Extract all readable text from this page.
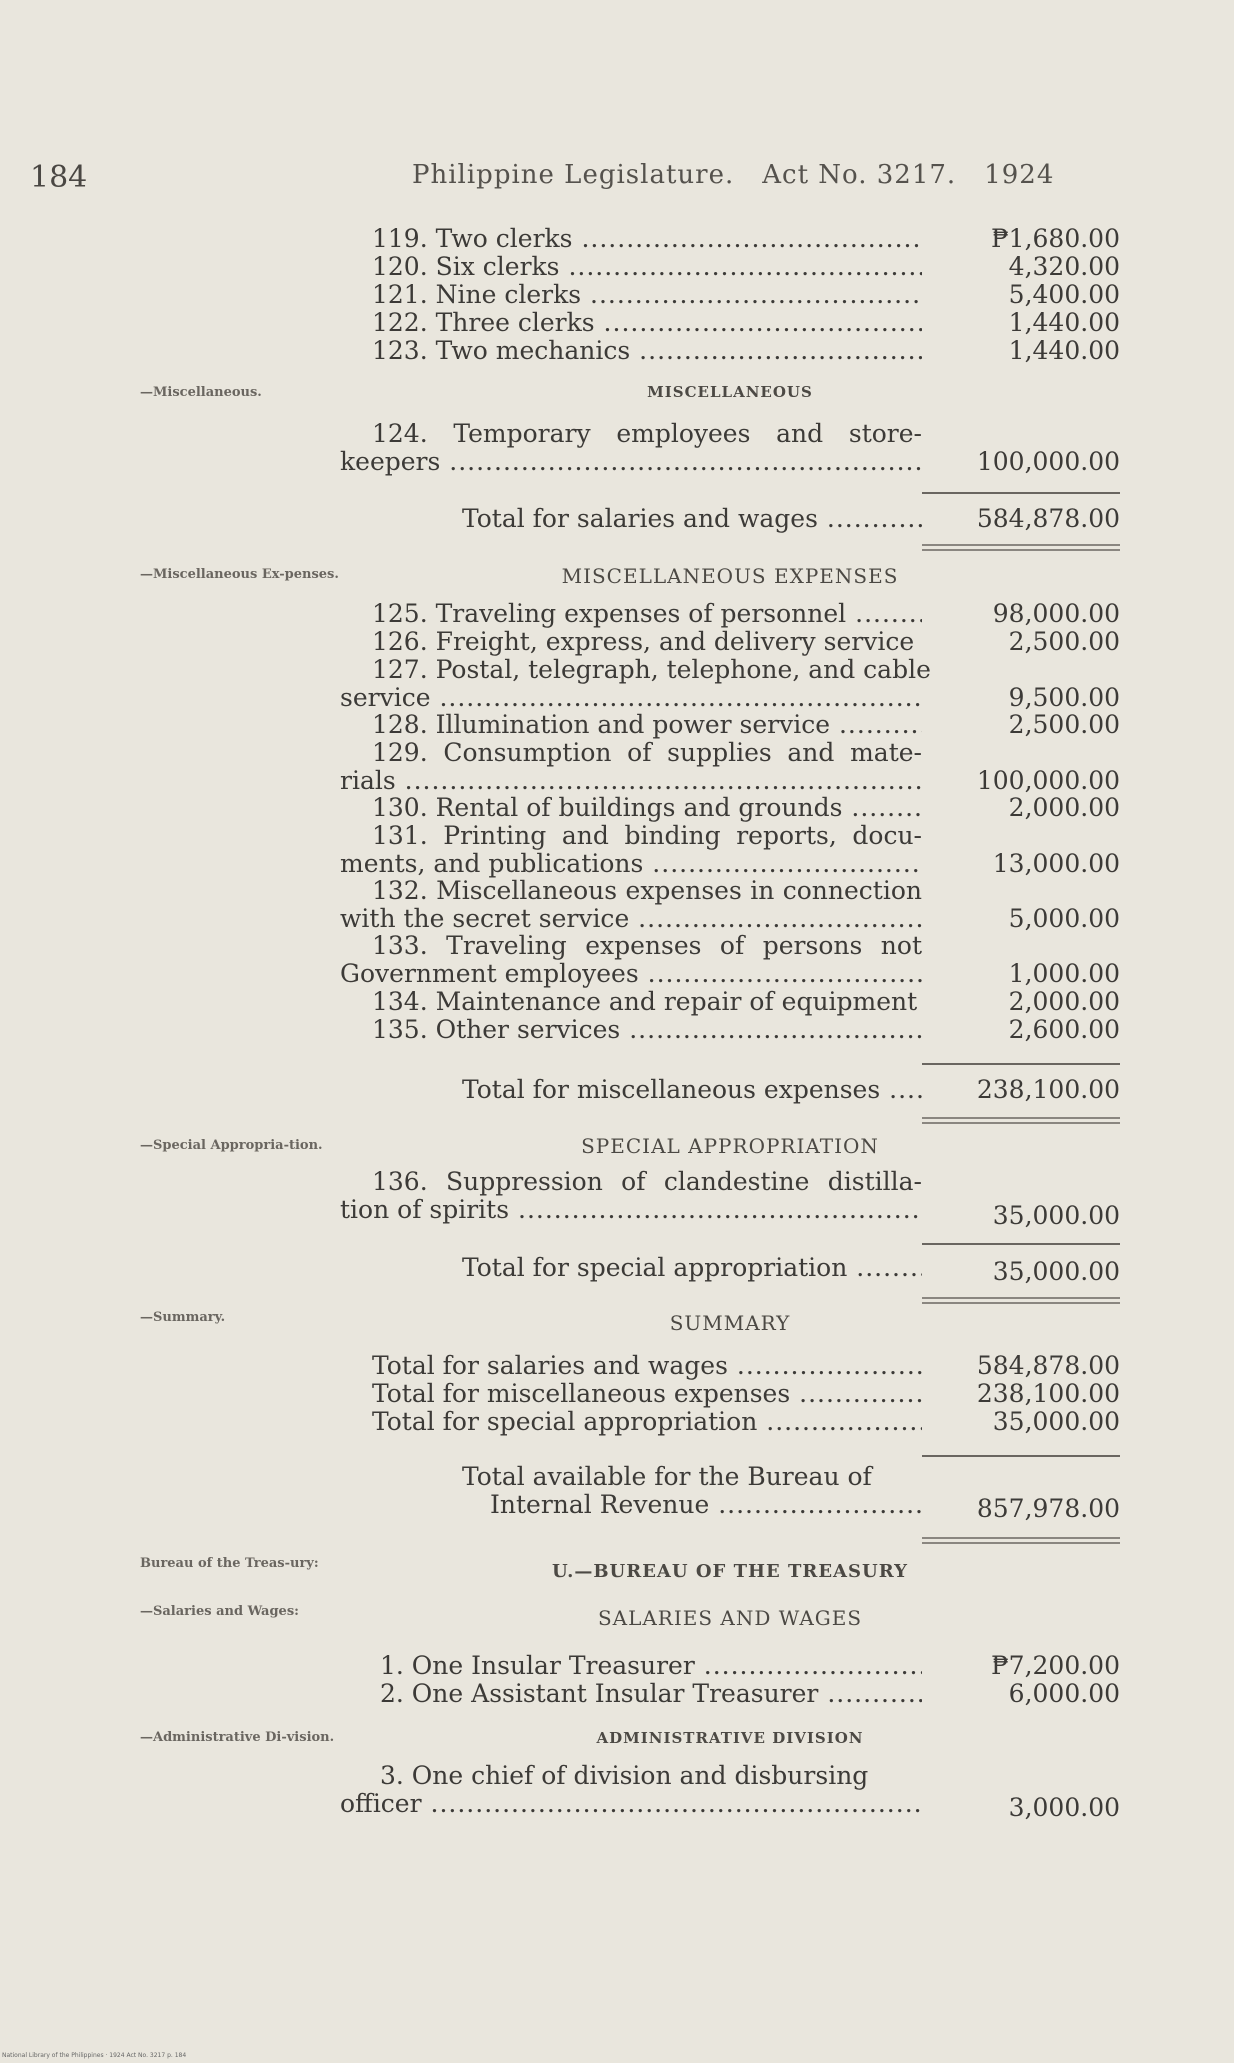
184	Philippine Legislature. Act No. 3217. 1924
119. Two clerks .....	₱1,680.00
120. Six clerks .....	4,320.00
121. Nine clerks .....	5,400.00
122. Three clerks .....	1,440.00
123. Two mechanics .....	1,440.00
—Miscellaneous.	MISCELLANEOUS
124. Temporary employees and store-
keepers .....	100,000.00
Total for salaries and wages .....	584,878.00
—Miscellaneous Ex-penses.	MISCELLANEOUS EXPENSES
125. Traveling expenses of personnel .....	98,000.00
126. Freight, express, and delivery service	2,500.00
127. Postal, telegraph, telephone, and cable
service .....	9,500.00
128. Illumination and power service .....	2,500.00
129. Consumption of supplies and mate-
rials .....	100,000.00
130. Rental of buildings and grounds .....	2,000.00
131. Printing and binding reports, docu-
ments, and publications .....	13,000.00
132. Miscellaneous expenses in connection
with the secret service .....	5,000.00
133. Traveling expenses of persons not
Government employees .....	1,000.00
134. Maintenance and repair of equipment	2,000.00
135. Other services .....	2,600.00
Total for miscellaneous expenses .....	238,100.00
—Special Appropria-tion.	SPECIAL APPROPRIATION
136. Suppression of clandestine distilla-
tion of spirits .....	35,000.00
Total for special appropriation .....	35,000.00
—Summary.	SUMMARY
Total for salaries and wages .....	584,878.00
Total for miscellaneous expenses .....	238,100.00
Total for special appropriation .....	35,000.00
Total available for the Bureau of
Internal Revenue .....	857,978.00
Bureau of the Treas-ury:	U.—BUREAU OF THE TREASURY
—Salaries and Wages:	SALARIES AND WAGES
1. One Insular Treasurer .....	₱7,200.00
2. One Assistant Insular Treasurer .....	6,000.00
—Administrative Di-vision.	ADMINISTRATIVE DIVISION
3. One chief of division and disbursing
officer .....	3,000.00
National Library of the Philippines · 1924 Act No. 3217 p. 184
